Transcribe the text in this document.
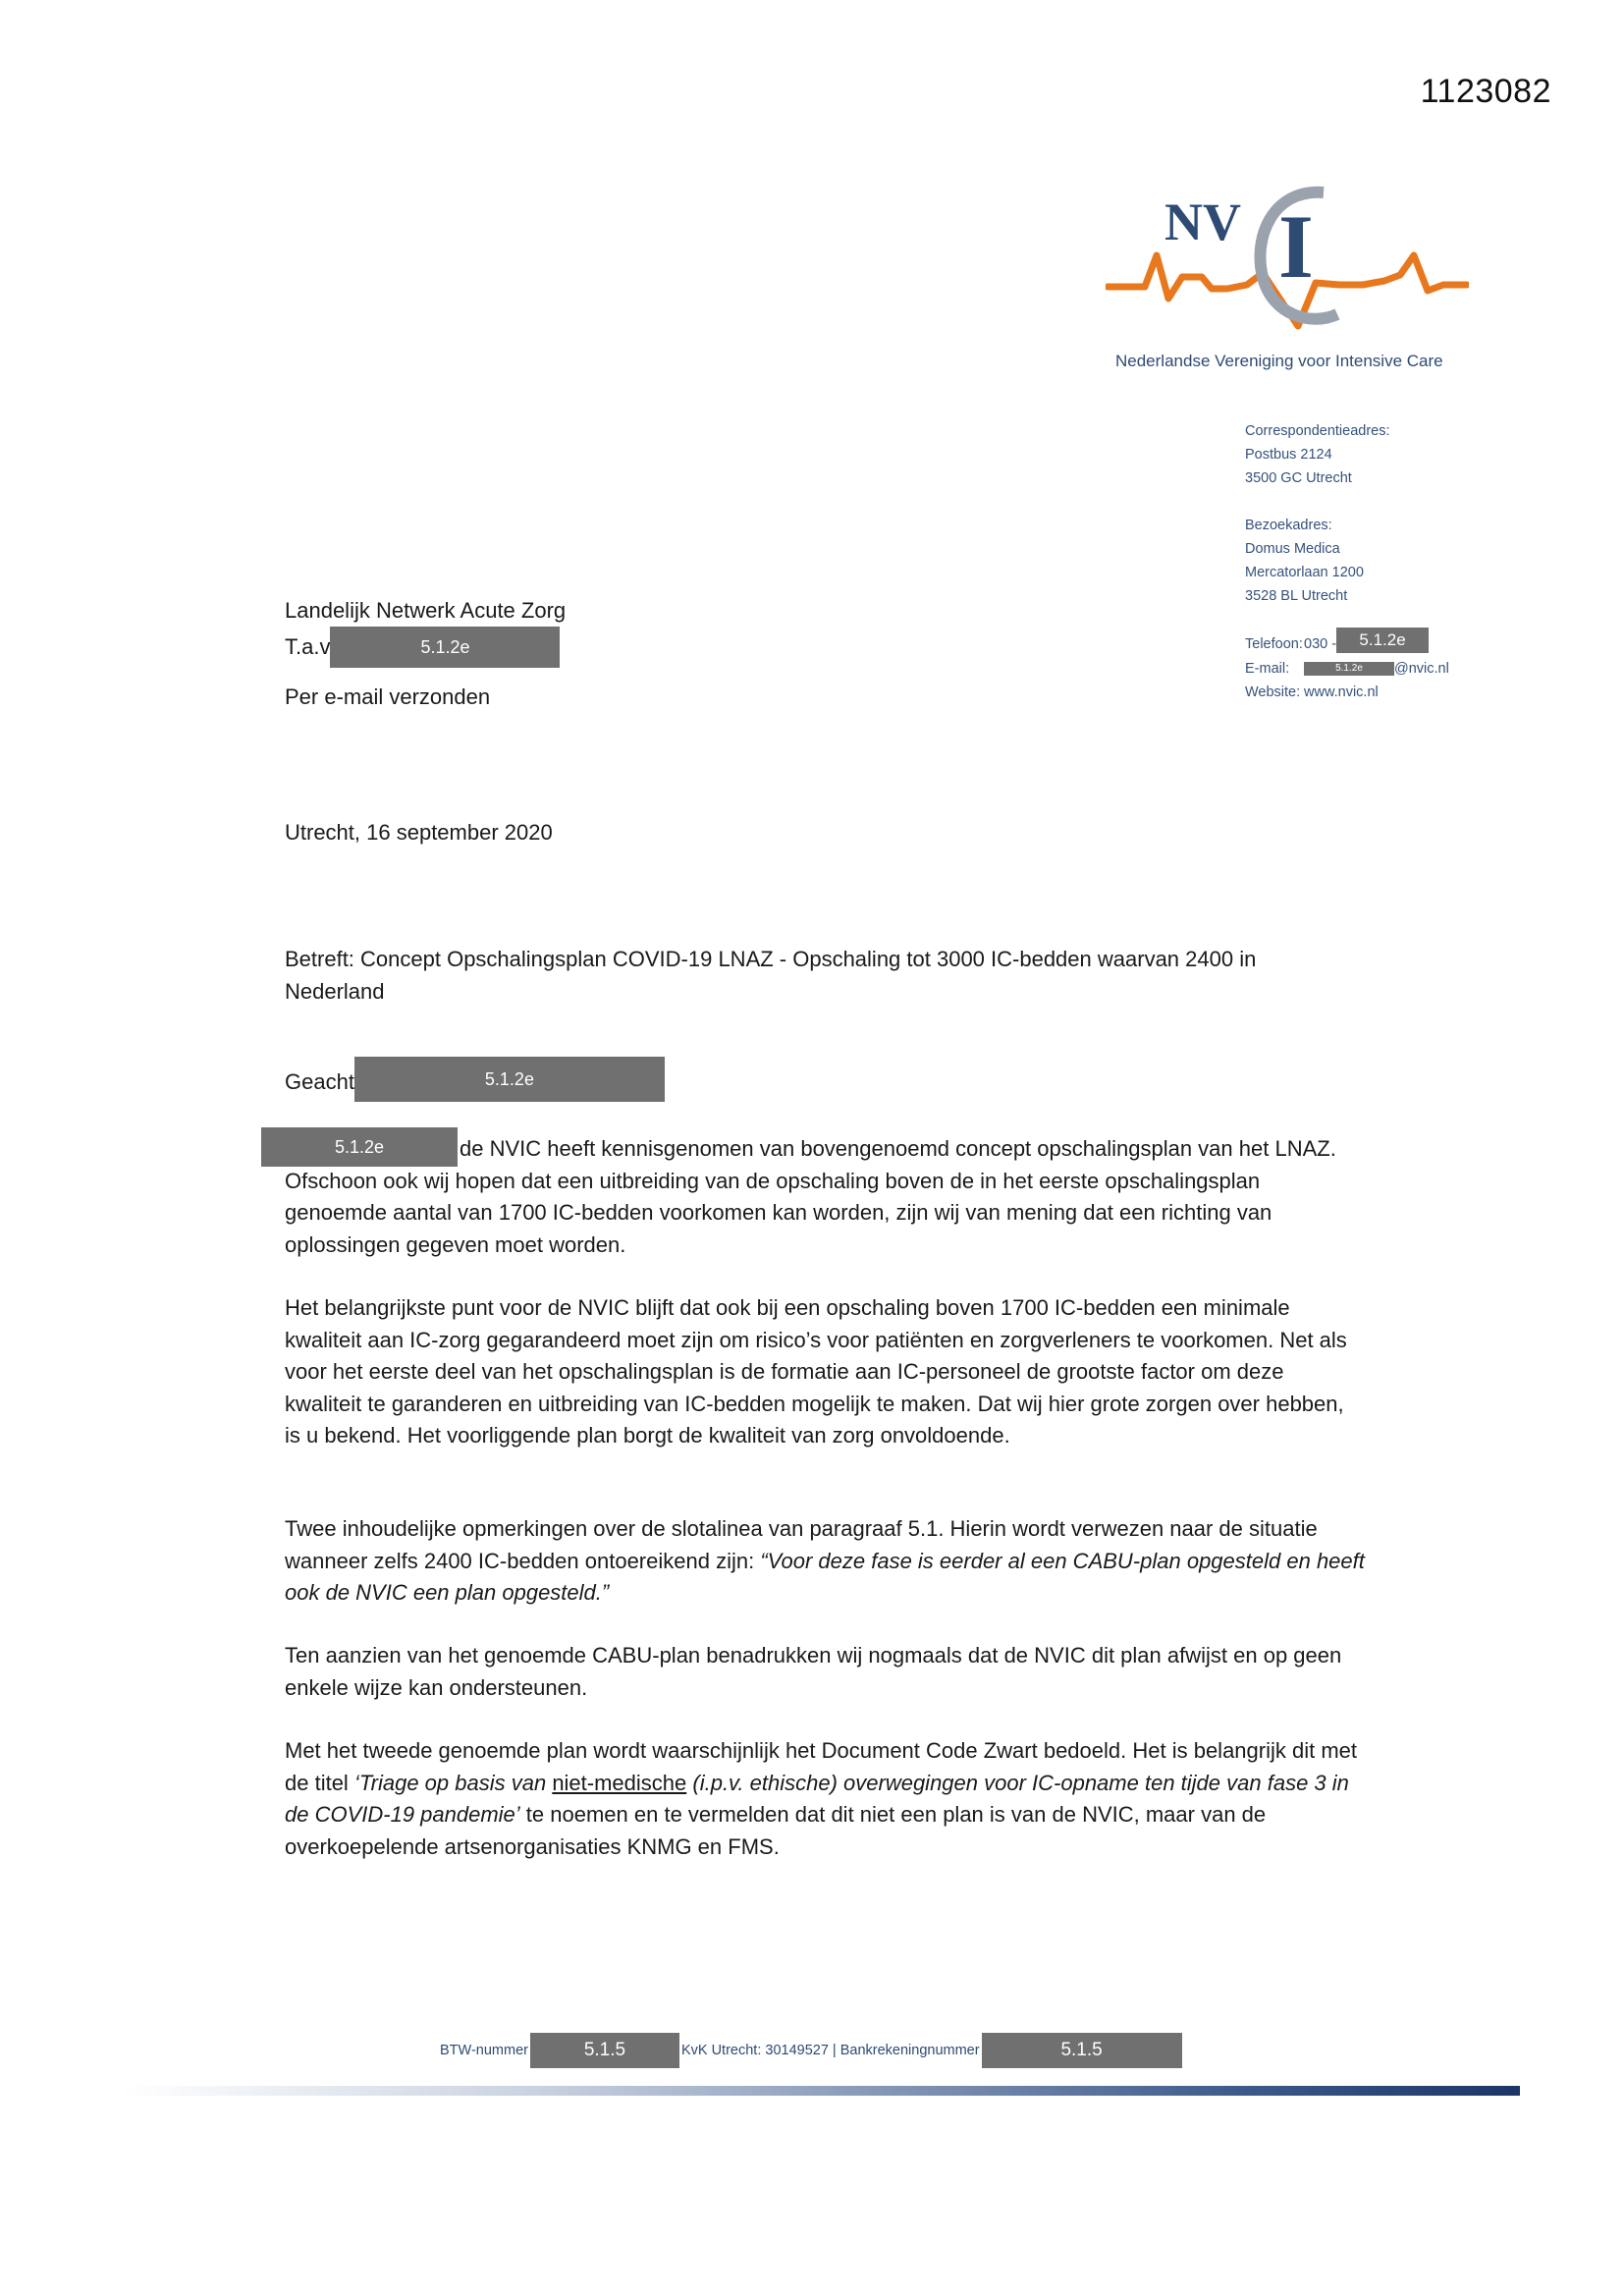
1123082
NV I
Nederlandse Vereniging voor Intensive Care
Correspondentieadres:
Postbus 2124
3500 GC Utrecht
Bezoekadres:
Domus Medica
Mercatorlaan 1200
3528 BL Utrecht
Telefoon: 030 -	5.1.2e
E-mail:	5.1.2e	@nvic.nl
Website: www.nvic.nl
Landelijk Netwerk Acute Zorg
T.a.v	5.1.2e
Per e-mail verzonden
Utrecht, 16 september 2020
Betreft: Concept Opschalingsplan COVID-19 LNAZ - Opschaling tot 3000 IC-bedden waarvan 2400 in Nederland
Geacht	5.1.2e
5.1.2e	de NVIC heeft kennisgenomen van bovengenoemd concept opschalingsplan van het LNAZ. Ofschoon ook wij hopen dat een uitbreiding van de opschaling boven de in het eerste opschalingsplan genoemde aantal van 1700 IC-bedden voorkomen kan worden, zijn wij van mening dat een richting van oplossingen gegeven moet worden.

Het belangrijkste punt voor de NVIC blijft dat ook bij een opschaling boven 1700 IC-bedden een minimale kwaliteit aan IC-zorg gegarandeerd moet zijn om risico’s voor patiënten en zorgverleners te voorkomen. Net als voor het eerste deel van het opschalingsplan is de formatie aan IC-personeel de grootste factor om deze kwaliteit te garanderen en uitbreiding van IC-bedden mogelijk te maken. Dat wij hier grote zorgen over hebben, is u bekend. Het voorliggende plan borgt de kwaliteit van zorg onvoldoende.

Twee inhoudelijke opmerkingen over de slotalinea van paragraaf 5.1. Hierin wordt verwezen naar de situatie wanneer zelfs 2400 IC-bedden ontoereikend zijn: “Voor deze fase is eerder al een CABU-plan opgesteld en heeft ook de NVIC een plan opgesteld.”

Ten aanzien van het genoemde CABU-plan benadrukken wij nogmaals dat de NVIC dit plan afwijst en op geen enkele wijze kan ondersteunen.

Met het tweede genoemde plan wordt waarschijnlijk het Document Code Zwart bedoeld. Het is belangrijk dit met de titel ‘Triage op basis van niet-medische (i.p.v. ethische) overwegingen voor IC-opname ten tijde van fase 3 in de COVID-19 pandemie’ te noemen en te vermelden dat dit niet een plan is van de NVIC, maar van de overkoepelende artsenorganisaties KNMG en FMS.

BTW-nummer	5.1.5	KvK Utrecht: 30149527 | Bankrekeningnummer	5.1.5
